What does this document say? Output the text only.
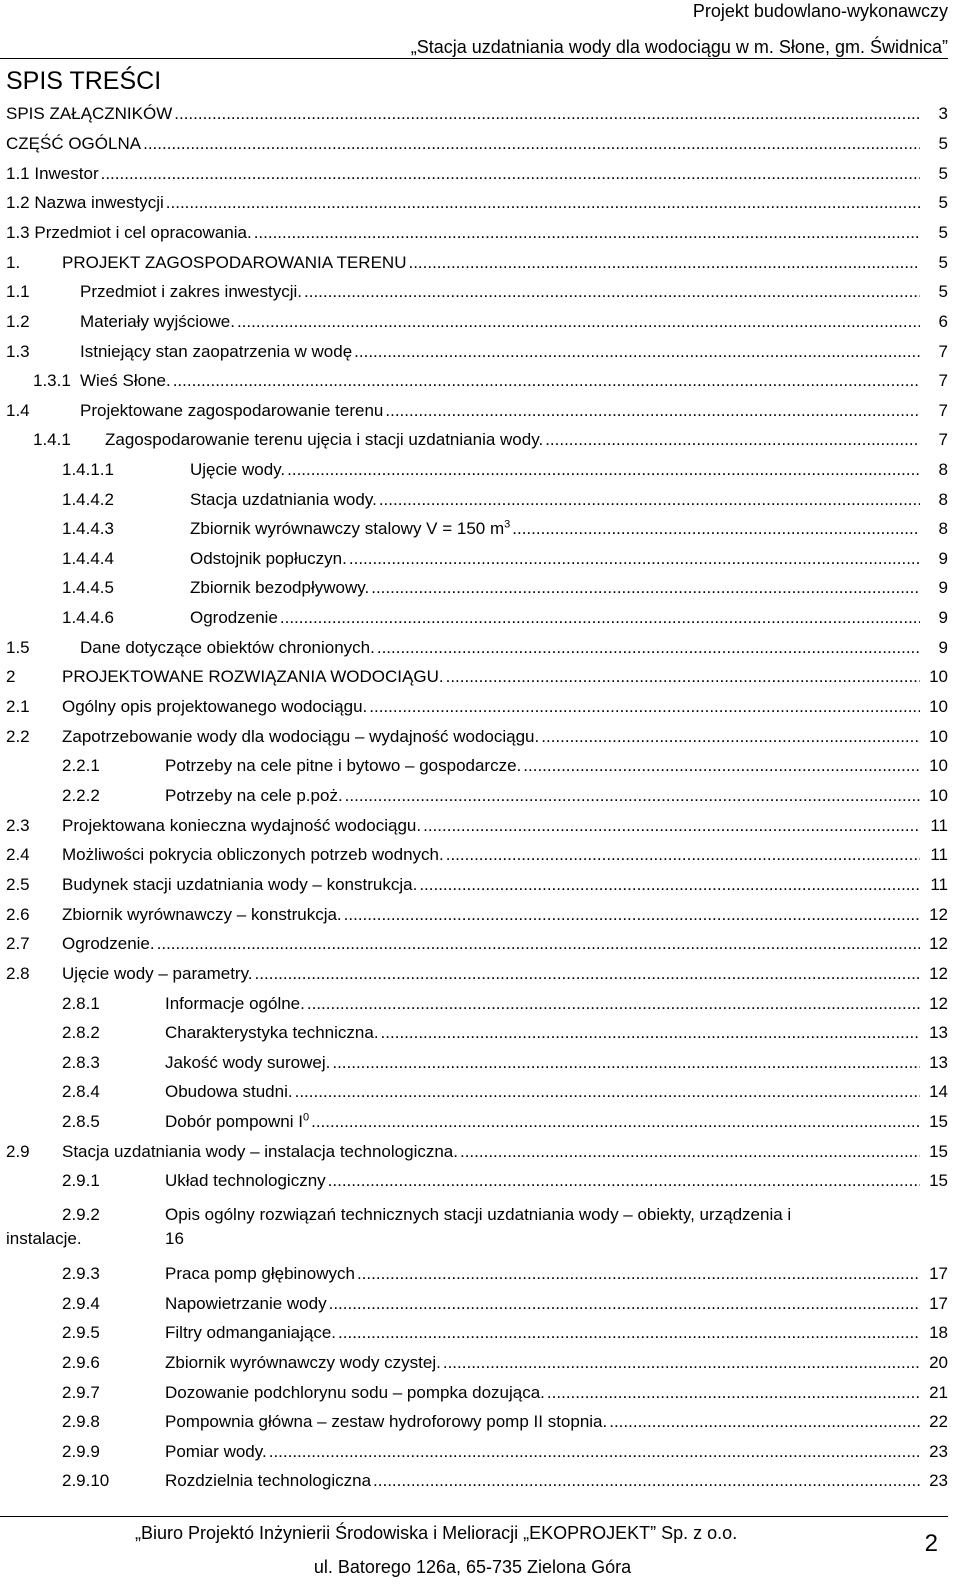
Projekt budowlano-wykonawczy
„Stacja uzdatniania wody dla wodociągu w m. Słone, gm. Świdnica”
SPIS TREŚCI
SPIS ZAŁĄCZNIKÓW .....	3
CZĘŚĆ OGÓLNA .....	5
1.1 Inwestor .....	5
1.2 Nazwa inwestycji .....	5
1.3 Przedmiot i cel opracowania. .....	5
1. PROJEKT ZAGOSPODAROWANIA TERENU .....	5
1.1	Przedmiot i zakres inwestycji. .....	5
1.2	Materiały wyjściowe. .....	6
1.3	Istniejący stan zaopatrzenia w wodę .....	7
1.3.1 Wieś Słone. .....	7
1.4	Projektowane zagospodarowanie terenu .....	7
1.4.1 Zagospodarowanie terenu ujęcia i stacji uzdatniania wody. .....	7
1.4.1.1	Ujęcie wody. .....	8
1.4.4.2	Stacja uzdatniania wody. .....	8
1.4.4.3	Zbiornik wyrównawczy stalowy V = 150 $m^3$ .....	8
1.4.4.4	Odstojnik popłuczyn. .....	9
1.4.4.5	Zbiornik bezodpływowy. .....	9
1.4.4.6	Ogrodzenie .....	9
1.5	Dane dotyczące obiektów chronionych. .....	9
2	PROJEKTOWANE ROZWIĄZANIA WODOCIĄGU. .....	10
2.1 Ogólny opis projektowanego wodociągu. .....	10
2.2 Zapotrzebowanie wody dla wodociągu – wydajność wodociągu. .....	10
2.2.1	Potrzeby na cele pitne i bytowo – gospodarcze. .....	10
2.2.2	Potrzeby na cele p.poż. .....	10
2.3 Projektowana konieczna wydajność wodociągu. .....	11
2.4 Możliwości pokrycia obliczonych potrzeb wodnych. .....	11
2.5 Budynek stacji uzdatniania wody – konstrukcja. .....	11
2.6 Zbiornik wyrównawczy – konstrukcja. .....	12
2.7 Ogrodzenie. .....	12
2.8 Ujęcie wody – parametry. .....	12
2.8.1	Informacje ogólne. .....	12
2.8.2	Charakterystyka techniczna. .....	13
2.8.3	Jakość wody surowej. .....	13
2.8.4	Obudowa studni. .....	14
2.8.5	Dobór pompowni $I^0$ .....	15
2.9 Stacja uzdatniania wody – instalacja technologiczna. .....	15
2.9.1	Układ technologiczny .....	15
2.9.3	Praca pomp głębinowych .....	17
2.9.4	Napowietrzanie wody .....	17
2.9.5	Filtry odmanganiające. .....	18
2.9.6	Zbiornik wyrównawczy wody czystej. .....	20
2.9.7	Dozowanie podchlorynu sodu – pompka dozująca. .....	21
2.9.8	Pompownia główna – zestaw hydroforowy pomp II stopnia. .....	22
2.9.9	Pomiar wody. .....	23
2.9.10	Rozdzielnia technologiczna .....	23
2.9.2	Opis ogólny rozwiązań technicznych stacji uzdatniania wody – obiekty, urządzenia i
instalacje.	16
„Biuro Projektó Inżynierii Środowiska i Melioracji „EKOPROJEKT” Sp. z o.o.
ul. Batorego 126a, 65-735 Zielona Góra
2
